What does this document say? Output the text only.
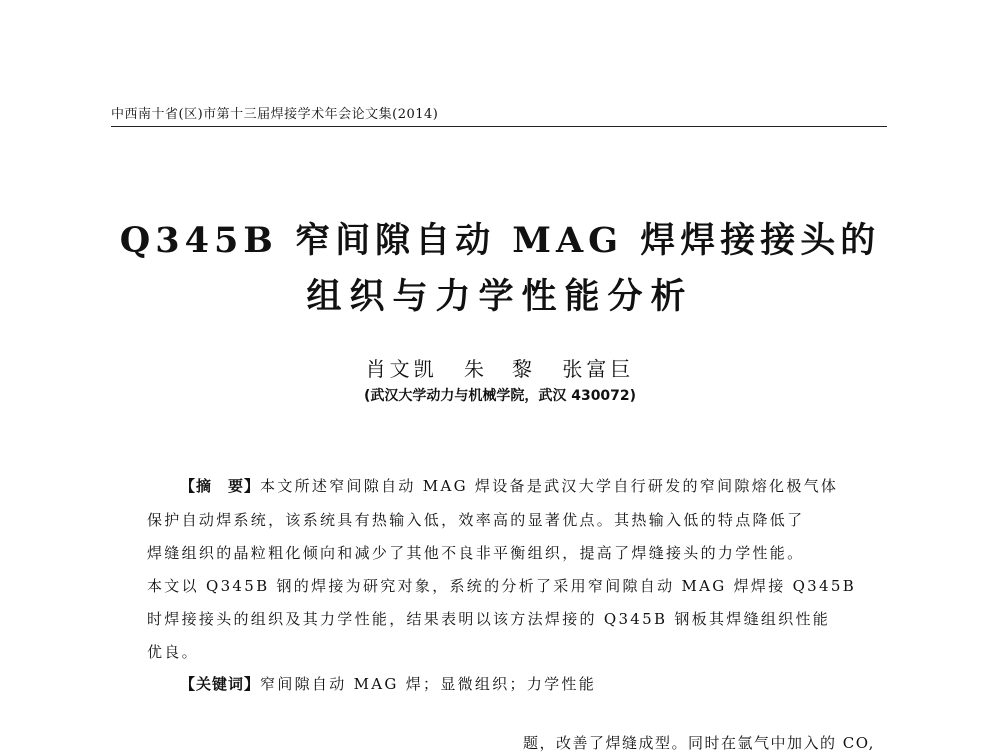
中西南十省(区)市第十三届焊接学术年会论文集(2014)
Q345B 窄间隙自动 MAG 焊焊接接头的
组织与力学性能分析
肖文凯 朱　黎 张富巨
(武汉大学动力与机械学院，武汉 430072)
【摘　要】本文所述窄间隙自动 MAG 焊设备是武汉大学自行研发的窄间隙熔化极气体
保护自动焊系统，该系统具有热输入低，效率高的显著优点。其热输入低的特点降低了
焊缝组织的晶粒粗化倾向和减少了其他不良非平衡组织，提高了焊缝接头的力学性能。
本文以 Q345B 钢的焊接为研究对象，系统的分析了采用窄间隙自动 MAG 焊焊接 Q345B
时焊接接头的组织及其力学性能，结果表明以该方法焊接的 Q345B 钢板其焊缝组织性能
优良。
【关键词】窄间隙自动 MAG 焊；显微组织；力学性能
题，改善了焊缝成型。同时在氩气中加入的 CO,
